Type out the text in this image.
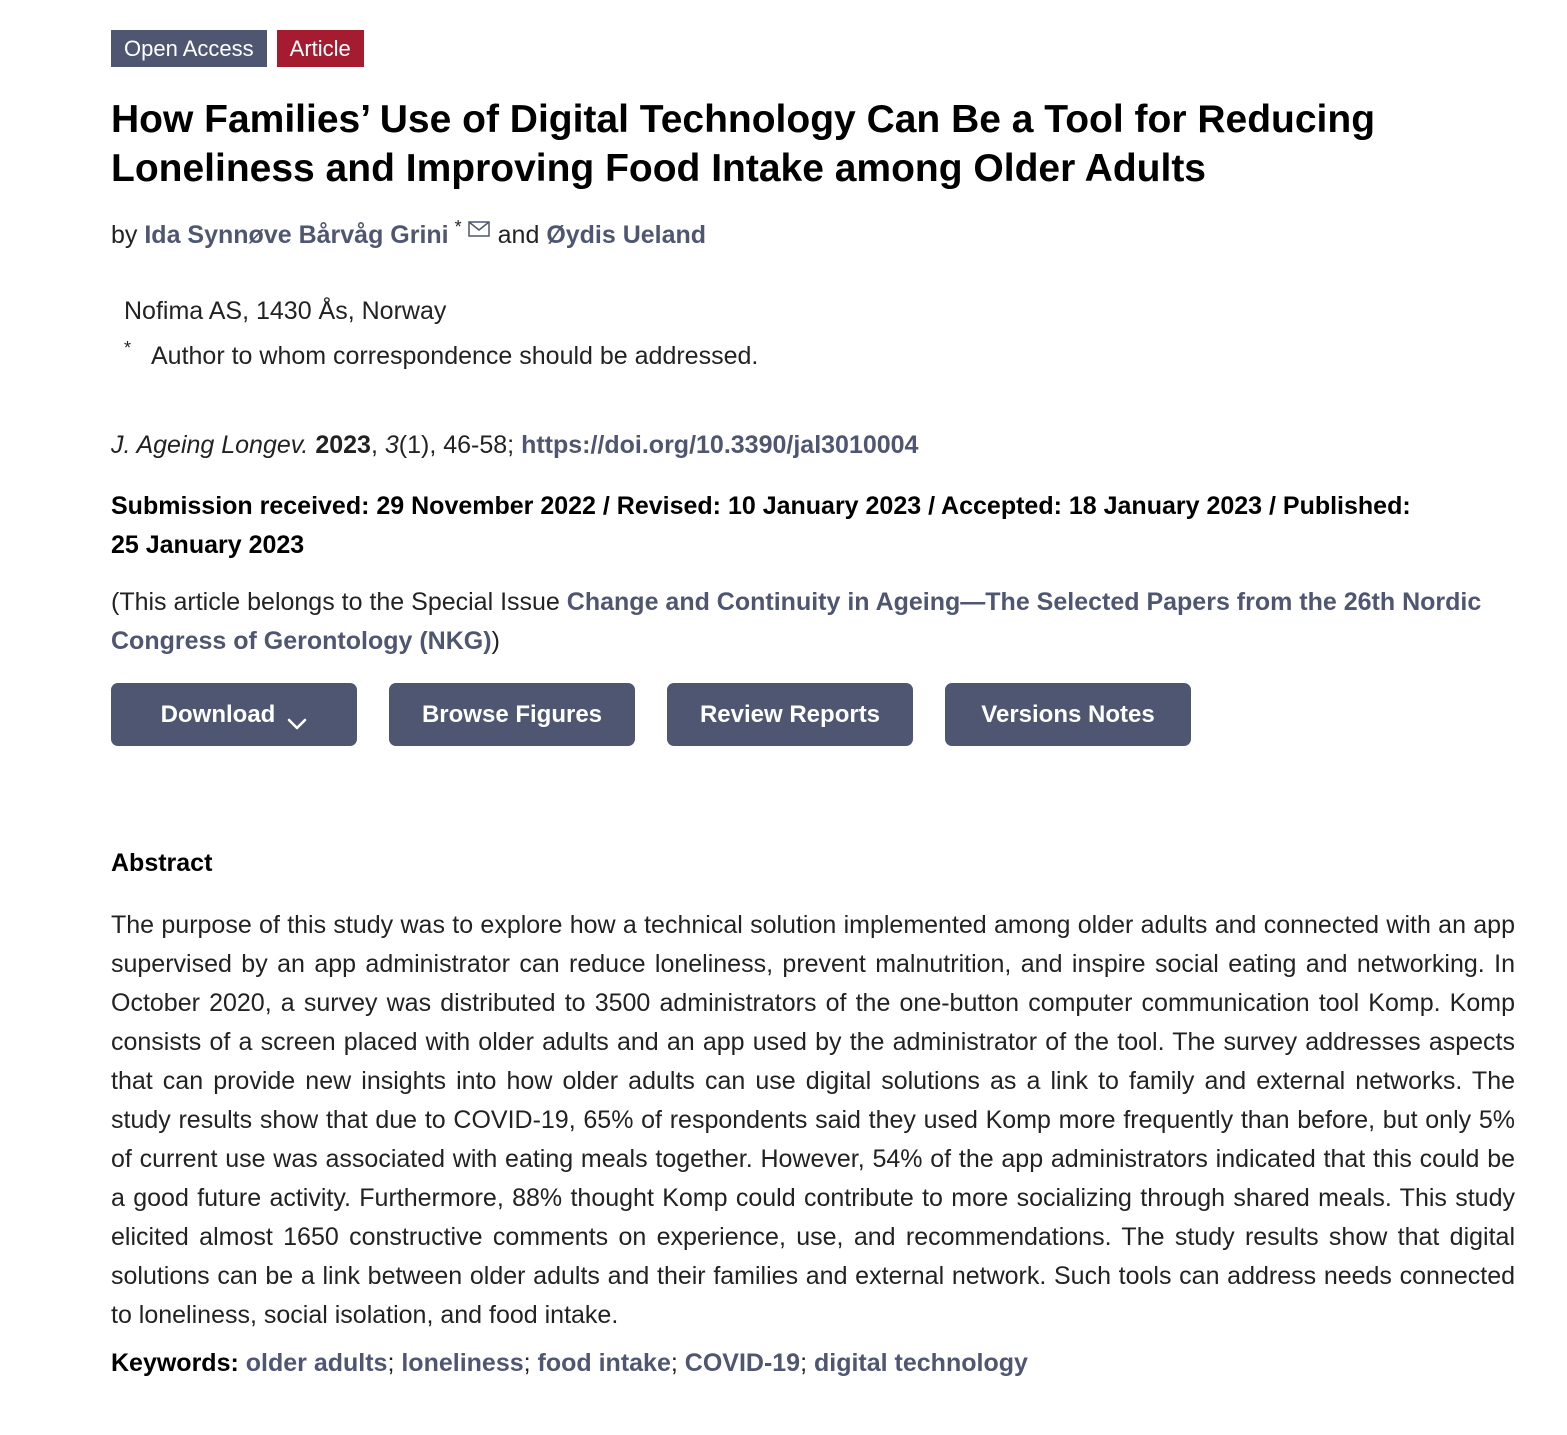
Open Access	Article
How Families’ Use of Digital Technology Can Be a Tool for Reducing Loneliness and Improving Food Intake among Older Adults
by
Ida Synnøve Bårvåg Grini * and
Øydis Ueland
Nofima AS, 1430 Ås, Norway
* Author to whom correspondence should be addressed.
J. Ageing Longev. 2023, 3(1), 46-58; https://doi.org/10.3390/jal3010004
Submission received: 29 November 2022 / Revised: 10 January 2023 / Accepted: 18 January 2023 / Published: 25 January 2023
(This article belongs to the Special Issue Change and Continuity in Ageing—The Selected Papers from the 26th Nordic Congress of Gerontology (NKG))
Download	Browse Figures	Review Reports	Versions Notes
Abstract
The purpose of this study was to explore how a technical solution implemented among older adults and connected with an app supervised by an app administrator can reduce loneliness, prevent malnutrition, and inspire social eating and networking. In October 2020, a survey was distributed to 3500 administrators of the one-button computer communication tool Komp. Komp consists of a screen placed with older adults and an app used by the administrator of the tool. The survey addresses aspects that can provide new insights into how older adults can use digital solutions as a link to family and external networks. The study results show that due to COVID-19, 65% of respondents said they used Komp more frequently than before, but only 5% of current use was associated with eating meals together. However, 54% of the app administrators indicated that this could be a good future activity. Furthermore, 88% thought Komp could contribute to more socializing through shared meals. This study elicited almost 1650 constructive comments on experience, use, and recommendations. The study results show that digital solutions can be a link between older adults and their families and external network. Such tools can address needs connected to loneliness, social isolation, and food intake.
Keywords: older adults; loneliness; food intake; COVID-19; digital technology
